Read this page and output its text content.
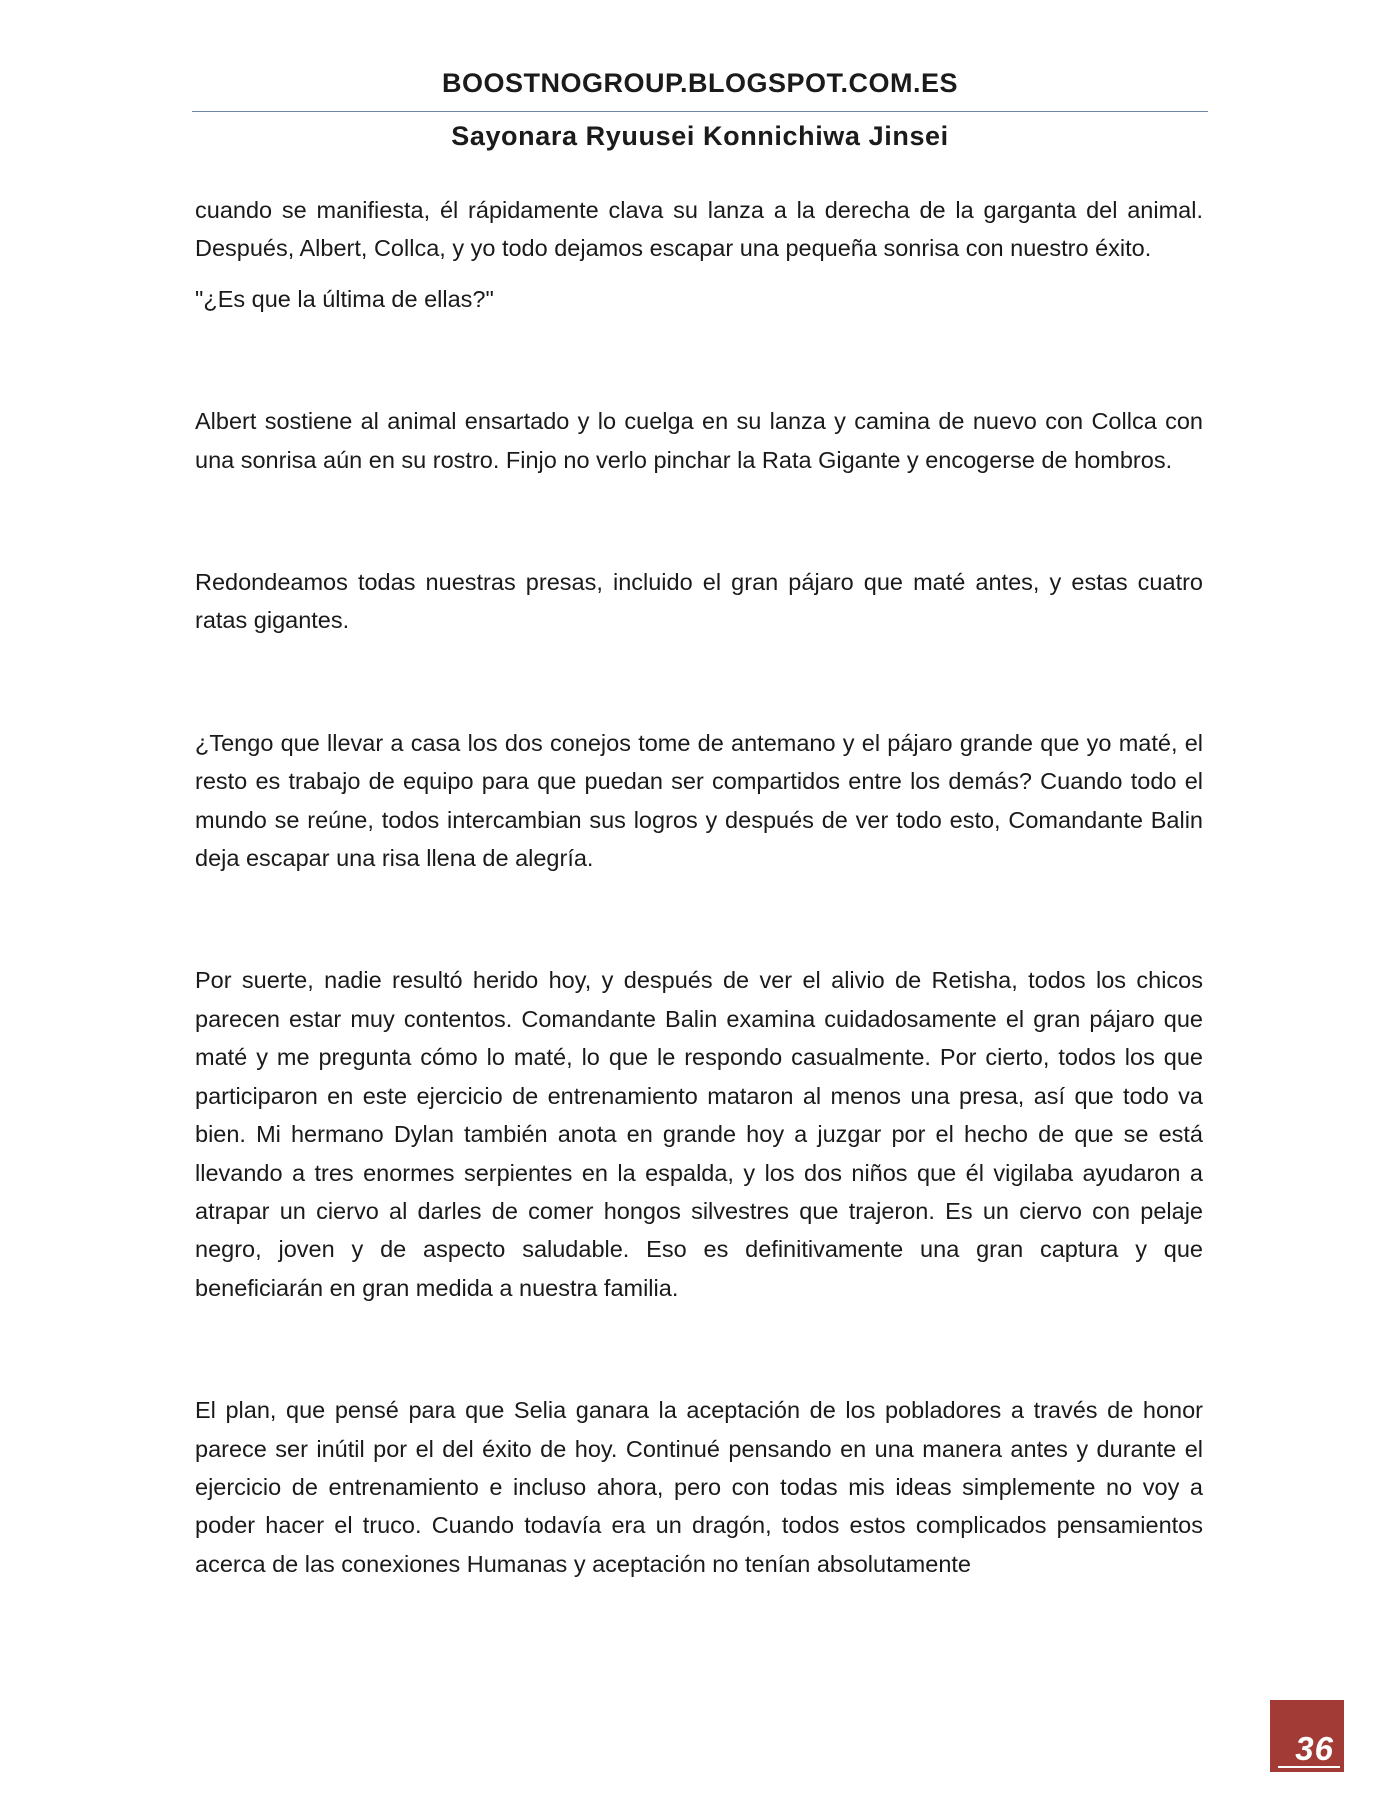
BOOSTNOGROUP.BLOGSPOT.COM.ES
Sayonara Ryuusei Konnichiwa Jinsei

cuando se manifiesta, él rápidamente clava su lanza a la derecha de la garganta del animal. Después, Albert, Collca, y yo todo dejamos escapar una pequeña sonrisa con nuestro éxito.

"¿Es que la última de ellas?"

Albert sostiene al animal ensartado y lo cuelga en su lanza y camina de nuevo con Collca con una sonrisa aún en su rostro. Finjo no verlo pinchar la Rata Gigante y encogerse de hombros.

Redondeamos todas nuestras presas, incluido el gran pájaro que maté antes, y estas cuatro ratas gigantes.

¿Tengo que llevar a casa los dos conejos tome de antemano y el pájaro grande que yo maté, el resto es trabajo de equipo para que puedan ser compartidos entre los demás? Cuando todo el mundo se reúne, todos intercambian sus logros y después de ver todo esto, Comandante Balin deja escapar una risa llena de alegría.

Por suerte, nadie resultó herido hoy, y después de ver el alivio de Retisha, todos los chicos parecen estar muy contentos. Comandante Balin examina cuidadosamente el gran pájaro que maté y me pregunta cómo lo maté, lo que le respondo casualmente. Por cierto, todos los que participaron en este ejercicio de entrenamiento mataron al menos una presa, así que todo va bien. Mi hermano Dylan también anota en grande hoy a juzgar por el hecho de que se está llevando a tres enormes serpientes en la espalda, y los dos niños que él vigilaba ayudaron a atrapar un ciervo al darles de comer hongos silvestres que trajeron. Es un ciervo con pelaje negro, joven y de aspecto saludable. Eso es definitivamente una gran captura y que beneficiarán en gran medida a nuestra familia.

El plan, que pensé para que Selia ganara la aceptación de los pobladores a través de honor parece ser inútil por el del éxito de hoy. Continué pensando en una manera antes y durante el ejercicio de entrenamiento e incluso ahora, pero con todas mis ideas simplemente no voy a poder hacer el truco. Cuando todavía era un dragón, todos estos complicados pensamientos acerca de las conexiones Humanas y aceptación no tenían absolutamente

36
